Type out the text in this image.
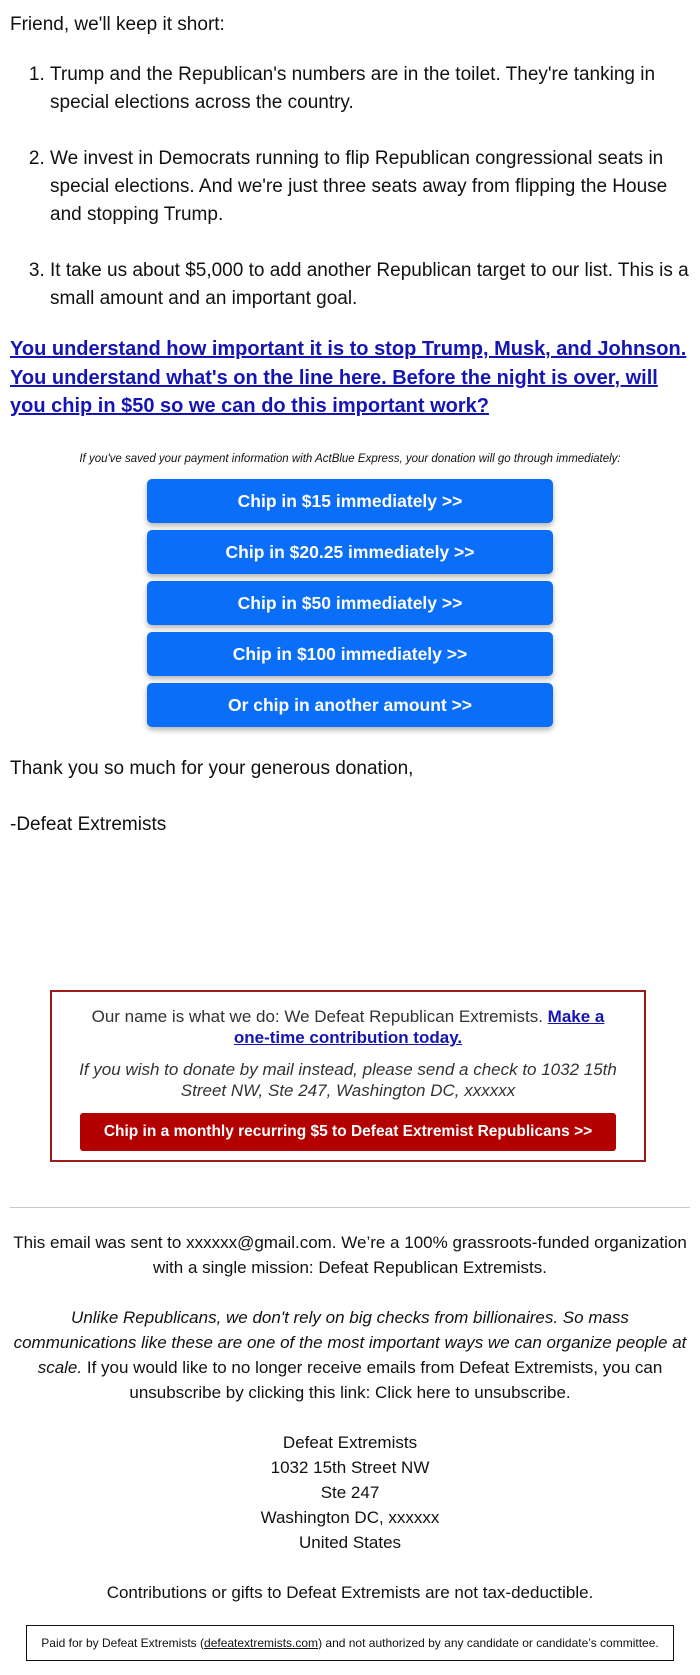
Friend, we'll keep it short:

1. Trump and the Republican's numbers are in the toilet. They're tanking in special elections across the country.
2. We invest in Democrats running to flip Republican congressional seats in special elections. And we're just three seats away from flipping the House and stopping Trump.
3. It take us about $5,000 to add another Republican target to our list. This is a small amount and an important goal.
You understand how important it is to stop Trump, Musk, and Johnson. You understand what's on the line here. Before the night is over, will you chip in $50 so we can do this important work?
If you've saved your payment information with ActBlue Express, your donation will go through immediately:
Chip in $15 immediately >>
Chip in $20.25 immediately >>
Chip in $50 immediately >>
Chip in $100 immediately >>
Or chip in another amount >>

Thank you so much for your generous donation,

-Defeat Extremists

Our name is what we do: We Defeat Republican Extremists. Make a one-time contribution today.
If you wish to donate by mail instead, please send a check to 1032 15th Street NW, Ste 247, Washington DC, xxxxxx
Chip in a monthly recurring $5 to Defeat Extremist Republicans >>

This email was sent to xxxxxx@gmail.com. We’re a 100% grassroots-funded organization with a single mission: Defeat Republican Extremists.

Unlike Republicans, we don't rely on big checks from billionaires. So mass communications like these are one of the most important ways we can organize people at scale. If you would like to no longer receive emails from Defeat Extremists, you can unsubscribe by clicking this link: Click here to unsubscribe.

Defeat Extremists

1032 15th Street NW

Ste 247

Washington DC, xxxxxx

United States

Contributions or gifts to Defeat Extremists are not tax-deductible.

Paid for by Defeat Extremists (defeatextremists.com) and not authorized by any candidate or candidate’s committee.
